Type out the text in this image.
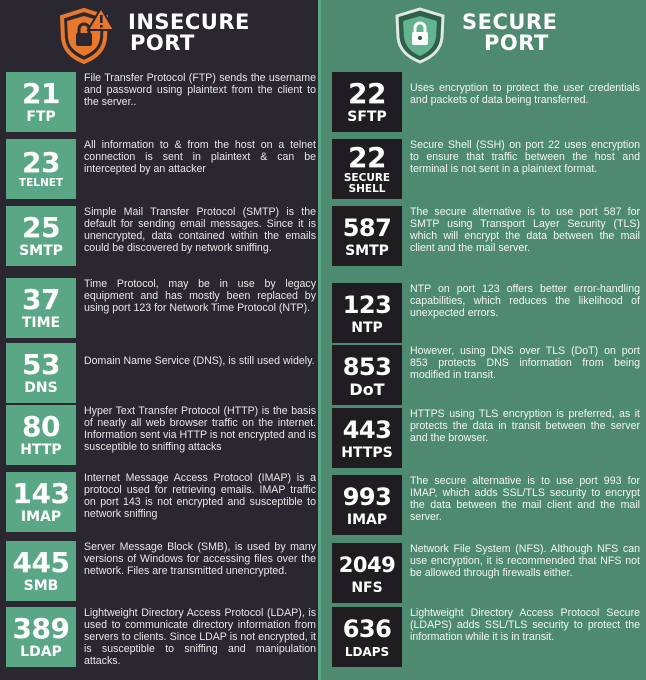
INSECURE
PORT
SECURE
PORT
21
FTP
File Transfer Protocol (FTP) sends the username and password using plaintext from the client to the server..
23
TELNET
All information to & from the host on a telnet connection is sent in plaintext & can be intercepted by an attacker
25
SMTP
Simple Mail Transfer Protocol (SMTP) is the default for sending email messages. Since it is unencrypted, data contained within the emails could be discovered by network sniffing.
37
TIME
Time Protocol, may be in use by legacy equipment and has mostly been replaced by using port 123 for Network Time Protocol (NTP).
53
DNS
Domain Name Service (DNS), is still used widely.
80
HTTP
Hyper Text Transfer Protocol (HTTP) is the basis of nearly all web browser traffic on the internet. Information sent via HTTP is not encrypted and is susceptible to sniffing attacks
143
IMAP
Internet Message Access Protocol (IMAP) is a protocol used for retrieving emails. IMAP traffic on port 143 is not encrypted and susceptible to network sniffing
445
SMB
Server Message Block (SMB), is used by many versions of Windows for accessing files over the network. Files are transmitted unencrypted.
389
LDAP
Lightweight Directory Access Protocol (LDAP), is used to communicate directory information from servers to clients. Since LDAP is not encrypted, it is susceptible to sniffing and manipulation attacks.
22
SFTP
Uses encryption to protect the user credentials and packets of data being transferred.
22
SECURE SHELL
Secure Shell (SSH) on port 22 uses encryption to ensure that traffic between the host and terminal is not sent in a plaintext format.
587
SMTP
The secure alternative is to use port 587 for SMTP using Transport Layer Security (TLS) which will encrypt the data between the mail client and the mail server.
123
NTP
NTP on port 123 offers better error-handling capabilities, which reduces the likelihood of unexpected errors.
853
DoT
However, using DNS over TLS (DoT) on port 853 protects DNS information from being modified in transit.
443
HTTPS
HTTPS using TLS encryption is preferred, as it protects the data in transit between the server and the browser.
993
IMAP
The secure alternative is to use port 993 for IMAP, which adds SSL/TLS security to encrypt the data between the mail client and the mail server.
2049
NFS
Network File System (NFS). Although NFS can use encryption, it is recommended that NFS not be allowed through firewalls either.
636
LDAPS
Lightweight Directory Access Protocol Secure (LDAPS) adds SSL/TLS security to protect the information while it is in transit.
